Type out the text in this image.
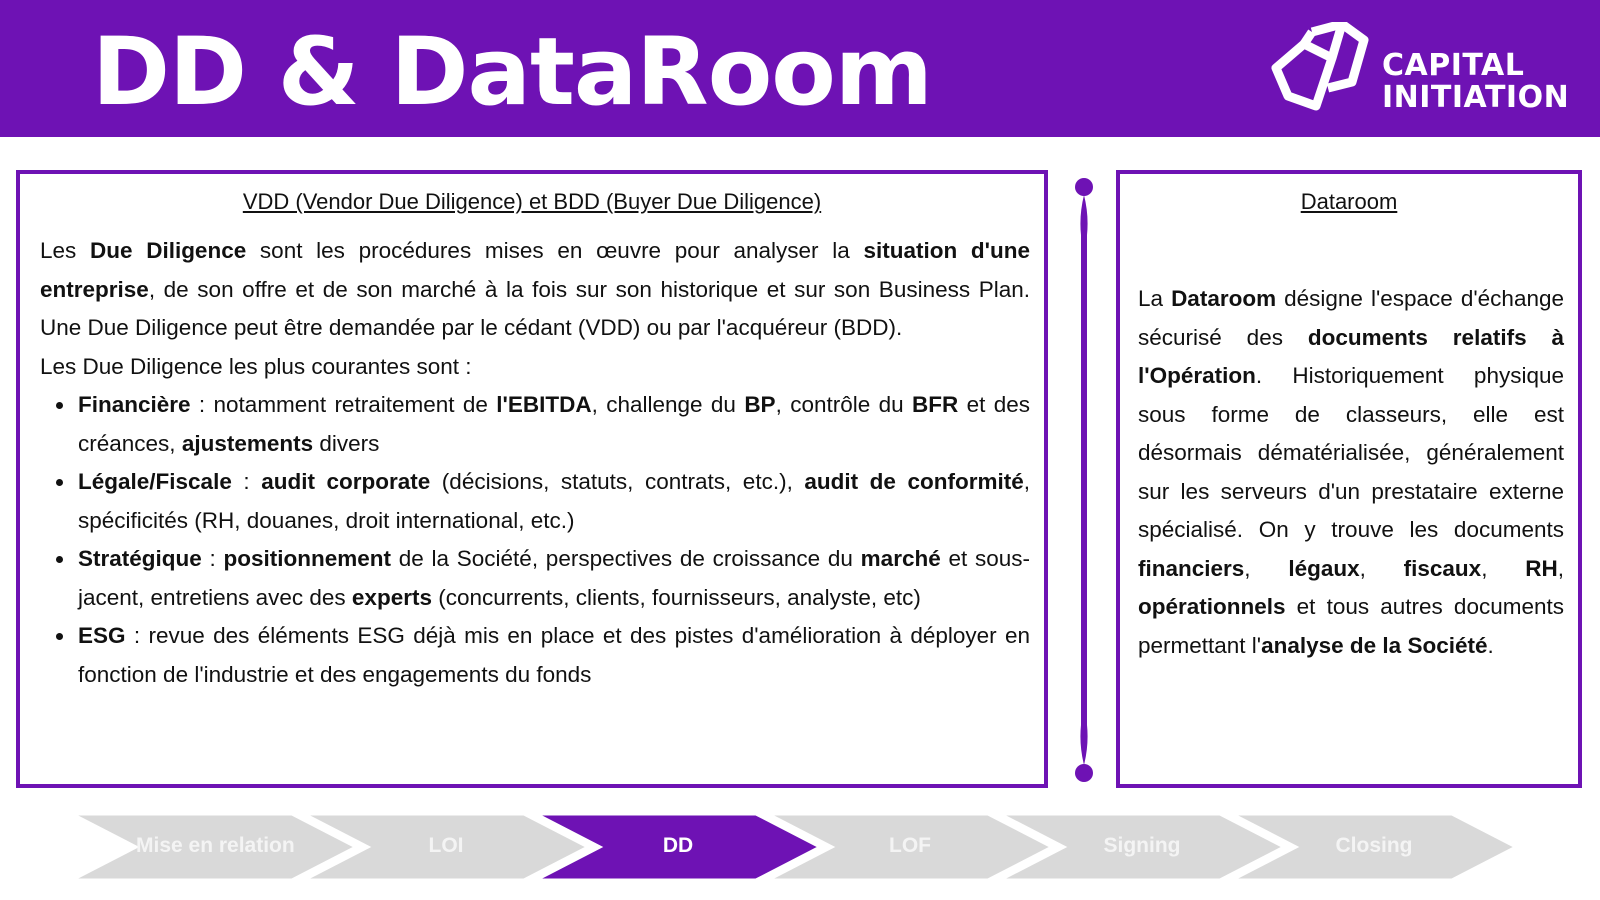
DD & DataRoom	CAPITAL
INITIATION
VDD (Vendor Due Diligence) et BDD (Buyer Due Diligence)

Les Due Diligence sont les procédures mises en œuvre pour analyser la situation d'une entreprise, de son offre et de son marché à la fois sur son historique et sur son Business Plan. Une Due Diligence peut être demandée par le cédant (VDD) ou par l'acquéreur (BDD).

Les Due Diligence les plus courantes sont :

Financière : notamment retraitement de l'EBITDA, challenge du BP, contrôle du BFR et des créances, ajustements divers
Légale/Fiscale : audit corporate (décisions, statuts, contrats, etc.), audit de conformité, spécificités (RH, douanes, droit international, etc.)
Stratégique : positionnement de la Société, perspectives de croissance du marché et sous-jacent, entretiens avec des experts (concurrents, clients, fournisseurs, analyste, etc)
ESG : revue des éléments ESG déjà mis en place et des pistes d'amélioration à déployer en fonction de l'industrie et des engagements du fonds
Dataroom

La Dataroom désigne l'espace d'échange sécurisé des documents relatifs à l'Opération. Historiquement physique sous forme de classeurs, elle est désormais dématérialisée, généralement sur les serveurs d'un prestataire externe spécialisé. On y trouve les documents financiers, légaux, fiscaux, RH, opérationnels et tous autres documents permettant l'analyse de la Société.

Mise en relation	LOI	DD	LOF	Signing	Closing
